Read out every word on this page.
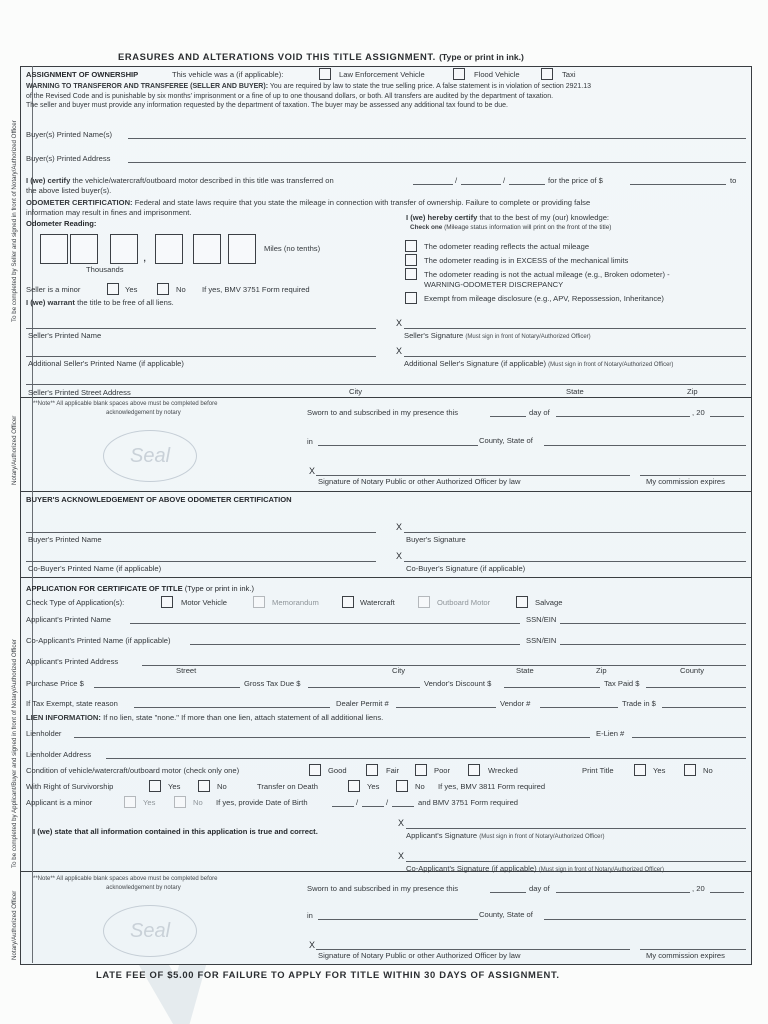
ERASURES AND ALTERATIONS VOID THIS TITLE ASSIGNMENT. (Type or print in ink.)
To be completed by Seller and signed in front of Notary/Authorized Officer
Notary/Authorized Officer
To be completed by Applicant/Buyer and signed in front of Notary/Authorized Officer
Notary/Authorized Officer
ASSIGNMENT OF OWNERSHIP	This vehicle was a (if applicable):	Law Enforcement Vehicle	Flood Vehicle	Taxi
WARNING TO TRANSFEROR AND TRANSFEREE (SELLER AND BUYER): You are required by law to state the true selling price. A false statement is in violation of section 2921.13
of the Revised Code and is punishable by six months' imprisonment or a fine of up to one thousand dollars, or both. All transfers are audited by the department of taxation.
The seller and buyer must provide any information requested by the department of taxation. The buyer may be assessed any additional tax found to be due.
Buyer(s) Printed Name(s)
Buyer(s) Printed Address
I (we) certify the vehicle/watercraft/outboard motor described in this title was transferred on	/	/	for the price of $	to
the above listed buyer(s).
ODOMETER CERTIFICATION: Federal and state laws require that you state the mileage in connection with transfer of ownership. Failure to complete or providing false
information may result in fines and imprisonment.
Odometer Reading:
,
Miles (no tenths)
Thousands
I (we) hereby certify that to the best of my (our) knowledge:
Check one (Mileage status information will print on the front of the title)
The odometer reading reflects the actual mileage
The odometer reading is in EXCESS of the mechanical limits
The odometer reading is not the actual mileage (e.g., Broken odometer) -
WARNING-ODOMETER DISCREPANCY
Exempt from mileage disclosure (e.g., APV, Repossession, Inheritance)
Seller is a minor	Yes	No If yes, BMV 3751 Form required
I (we) warrant the title to be free of all liens.
Seller's Printed Name
X
Seller's Signature (Must sign in front of Notary/Authorized Officer)
Additional Seller's Printed Name (if applicable)
X
Additional Seller's Signature (if applicable) (Must sign in front of Notary/Authorized Officer)
Seller's Printed Street Address	City	State	Zip
**Note** All applicable blank spaces above must be completed before
acknowledgement by notary	Sworn to and subscribed in my presence this	day of	, 20
Seal
in	County, State of
X
Signature of Notary Public or other Authorized Officer by law	My commission expires
BUYER'S ACKNOWLEDGEMENT OF ABOVE ODOMETER CERTIFICATION
Buyer's Printed Name
X
Buyer's Signature
Co-Buyer's Printed Name (if applicable)
X
Co-Buyer's Signature (if applicable)
APPLICATION FOR CERTIFICATE OF TITLE (Type or print in ink.)
Check Type of Application(s):	Motor Vehicle	Memorandum	Watercraft	Outboard Motor	Salvage
Applicant's Printed Name	SSN/EIN
Co-Applicant's Printed Name (if applicable)	SSN/EIN
Applicant's Printed Address
Street	City	State	Zip	County
Purchase Price $	Gross Tax Due $	Vendor's Discount $	Tax Paid $
If Tax Exempt, state reason	Dealer Permit #	Vendor #	Trade in $
LIEN INFORMATION: If no lien, state "none." If more than one lien, attach statement of all additional liens.
Lienholder	E-Lien #
Lienholder Address
Condition of vehicle/watercraft/outboard motor (check only one)	Good	Fair	Poor	Wrecked	Print Title	Yes	No
With Right of Survivorship	Yes	No	Transfer on Death	Yes	No If yes, BMV 3811 Form required
Applicant is a minor	Yes	No If yes, provide Date of Birth	/	/	and BMV 3751 Form required
I (we) state that all information contained in this application is true and correct.
X
Applicant's Signature (Must sign in front of Notary/Authorized Officer)
X
Co-Applicant's Signature (if applicable) (Must sign in front of Notary/Authorized Officer)
**Note** All applicable blank spaces above must be completed before
acknowledgement by notary	Sworn to and subscribed in my presence this	day of	, 20
Seal
in	County, State of
X
Signature of Notary Public or other Authorized Officer by law	My commission expires
LATE FEE OF $5.00 FOR FAILURE TO APPLY FOR TITLE WITHIN 30 DAYS OF ASSIGNMENT.
